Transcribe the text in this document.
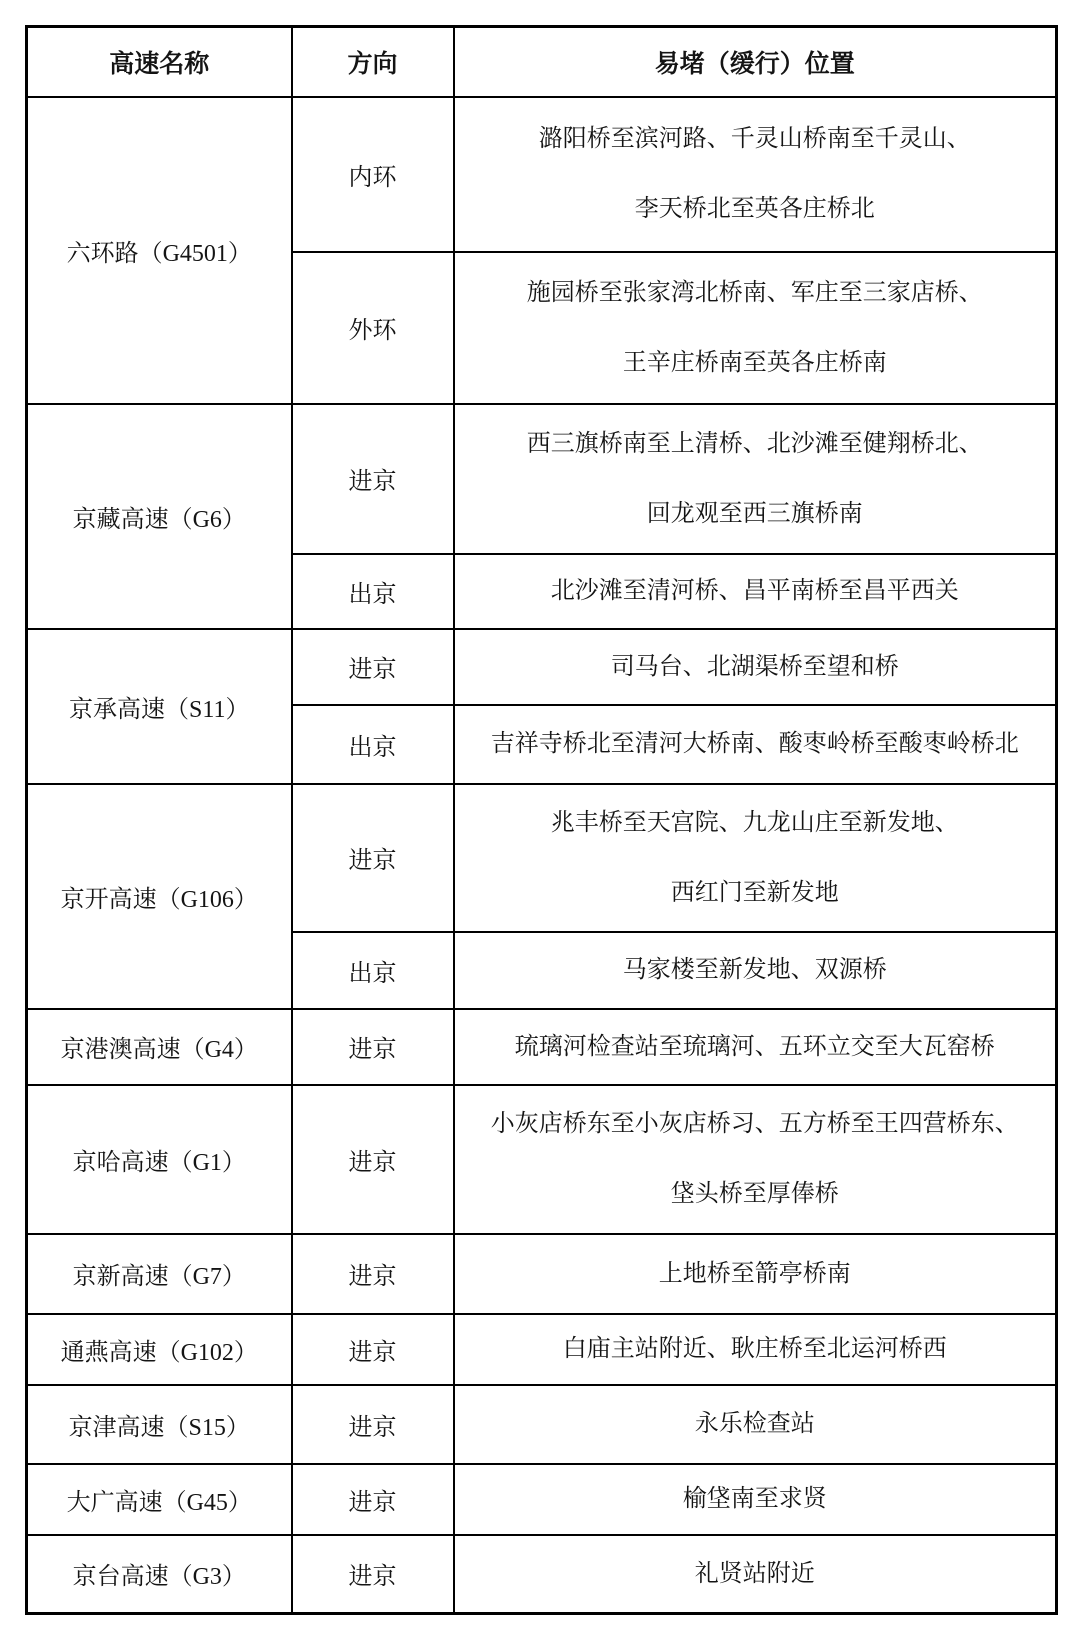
高速名称	方向	易堵（缓行）位置
六环路（G4501）	内环	潞阳桥至滨河路、千灵山桥南至千灵山、
李天桥北至英各庄桥北

	外环	施园桥至张家湾北桥南、军庄至三家店桥、
王辛庄桥南至英各庄桥南

京藏高速（G6）	进京	西三旗桥南至上清桥、北沙滩至健翔桥北、
回龙观至西三旗桥南

	出京	北沙滩至清河桥、昌平南桥至昌平西关

京承高速（S11）	进京	司马台、北湖渠桥至望和桥

	出京	吉祥寺桥北至清河大桥南、酸枣岭桥至酸枣岭桥北

京开高速（G106）	进京	兆丰桥至天宫院、九龙山庄至新发地、
西红门至新发地

	出京	马家楼至新发地、双源桥

京港澳高速（G4）	进京	琉璃河检查站至琉璃河、五环立交至大瓦窑桥

京哈高速（G1）	进京	小灰店桥东至小灰店桥习、五方桥至王四营桥东、
垡头桥至厚俸桥

京新高速（G7）	进京	上地桥至箭亭桥南

通燕高速（G102）	进京	白庙主站附近、耿庄桥至北运河桥西

京津高速（S15）	进京	永乐检查站

大广高速（G45）	进京	榆垡南至求贤

京台高速（G3）	进京	礼贤站附近
